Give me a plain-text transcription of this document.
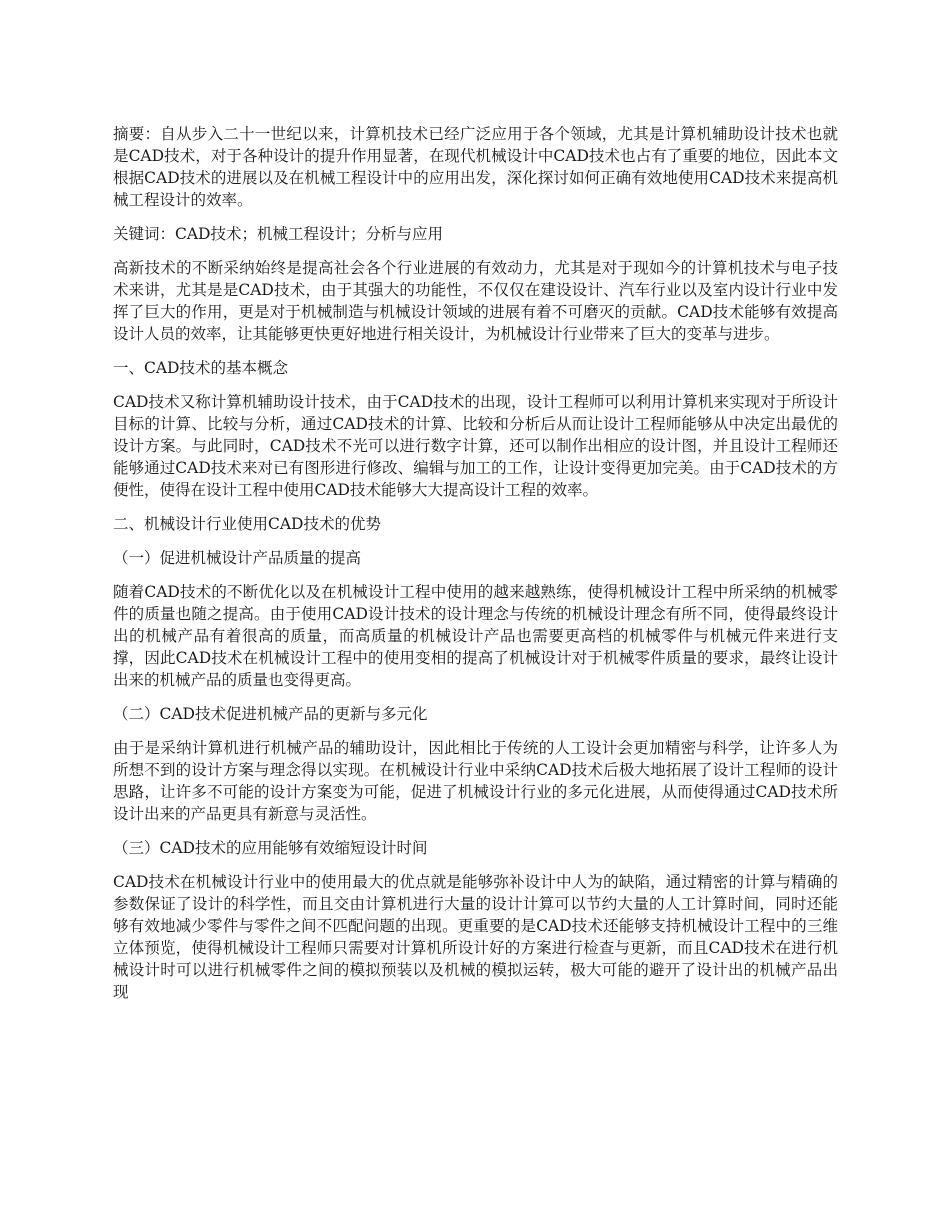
摘要：自从步入二十一世纪以来，计算机技术已经广泛应用于各个领域，尤其是计算机辅助设计技术也就是CAD技术，对于各种设计的提升作用显著，在现代机械设计中CAD技术也占有了重要的地位，因此本文根据CAD技术的进展以及在机械工程设计中的应用出发，深化探讨如何正确有效地使用CAD技术来提高机械工程设计的效率。

关键词：CAD技术；机械工程设计；分析与应用

高新技术的不断采纳始终是提高社会各个行业进展的有效动力，尤其是对于现如今的计算机技术与电子技术来讲，尤其是是CAD技术，由于其强大的功能性，不仅仅在建设设计、汽车行业以及室内设计行业中发挥了巨大的作用，更是对于机械制造与机械设计领域的进展有着不可磨灭的贡献。CAD技术能够有效提高设计人员的效率，让其能够更快更好地进行相关设计，为机械设计行业带来了巨大的变革与进步。

一、CAD技术的基本概念

CAD技术又称计算机辅助设计技术，由于CAD技术的出现，设计工程师可以利用计算机来实现对于所设计目标的计算、比较与分析，通过CAD技术的计算、比较和分析后从而让设计工程师能够从中决定出最优的设计方案。与此同时，CAD技术不光可以进行数字计算，还可以制作出相应的设计图，并且设计工程师还能够通过CAD技术来对已有图形进行修改、编辑与加工的工作，让设计变得更加完美。由于CAD技术的方便性，使得在设计工程中使用CAD技术能够大大提高设计工程的效率。

二、机械设计行业使用CAD技术的优势

（一）促进机械设计产品质量的提高

随着CAD技术的不断优化以及在机械设计工程中使用的越来越熟练，使得机械设计工程中所采纳的机械零件的质量也随之提高。由于使用CAD设计技术的设计理念与传统的机械设计理念有所不同，使得最终设计出的机械产品有着很高的质量，而高质量的机械设计产品也需要更高档的机械零件与机械元件来进行支撑，因此CAD技术在机械设计工程中的使用变相的提高了机械设计对于机械零件质量的要求，最终让设计出来的机械产品的质量也变得更高。

（二）CAD技术促进机械产品的更新与多元化

由于是采纳计算机进行机械产品的辅助设计，因此相比于传统的人工设计会更加精密与科学，让许多人为所想不到的设计方案与理念得以实现。在机械设计行业中采纳CAD技术后极大地拓展了设计工程师的设计思路，让许多不可能的设计方案变为可能，促进了机械设计行业的多元化进展，从而使得通过CAD技术所设计出来的产品更具有新意与灵活性。

（三）CAD技术的应用能够有效缩短设计时间

CAD技术在机械设计行业中的使用最大的优点就是能够弥补设计中人为的缺陷，通过精密的计算与精确的参数保证了设计的科学性，而且交由计算机进行大量的设计计算可以节约大量的人工计算时间，同时还能够有效地减少零件与零件之间不匹配问题的出现。更重要的是CAD技术还能够支持机械设计工程中的三维立体预览，使得机械设计工程师只需要对计算机所设计好的方案进行检查与更新，而且CAD技术在进行机械设计时可以进行机械零件之间的模拟预装以及机械的模拟运转，极大可能的避开了设计出的机械产品出现
